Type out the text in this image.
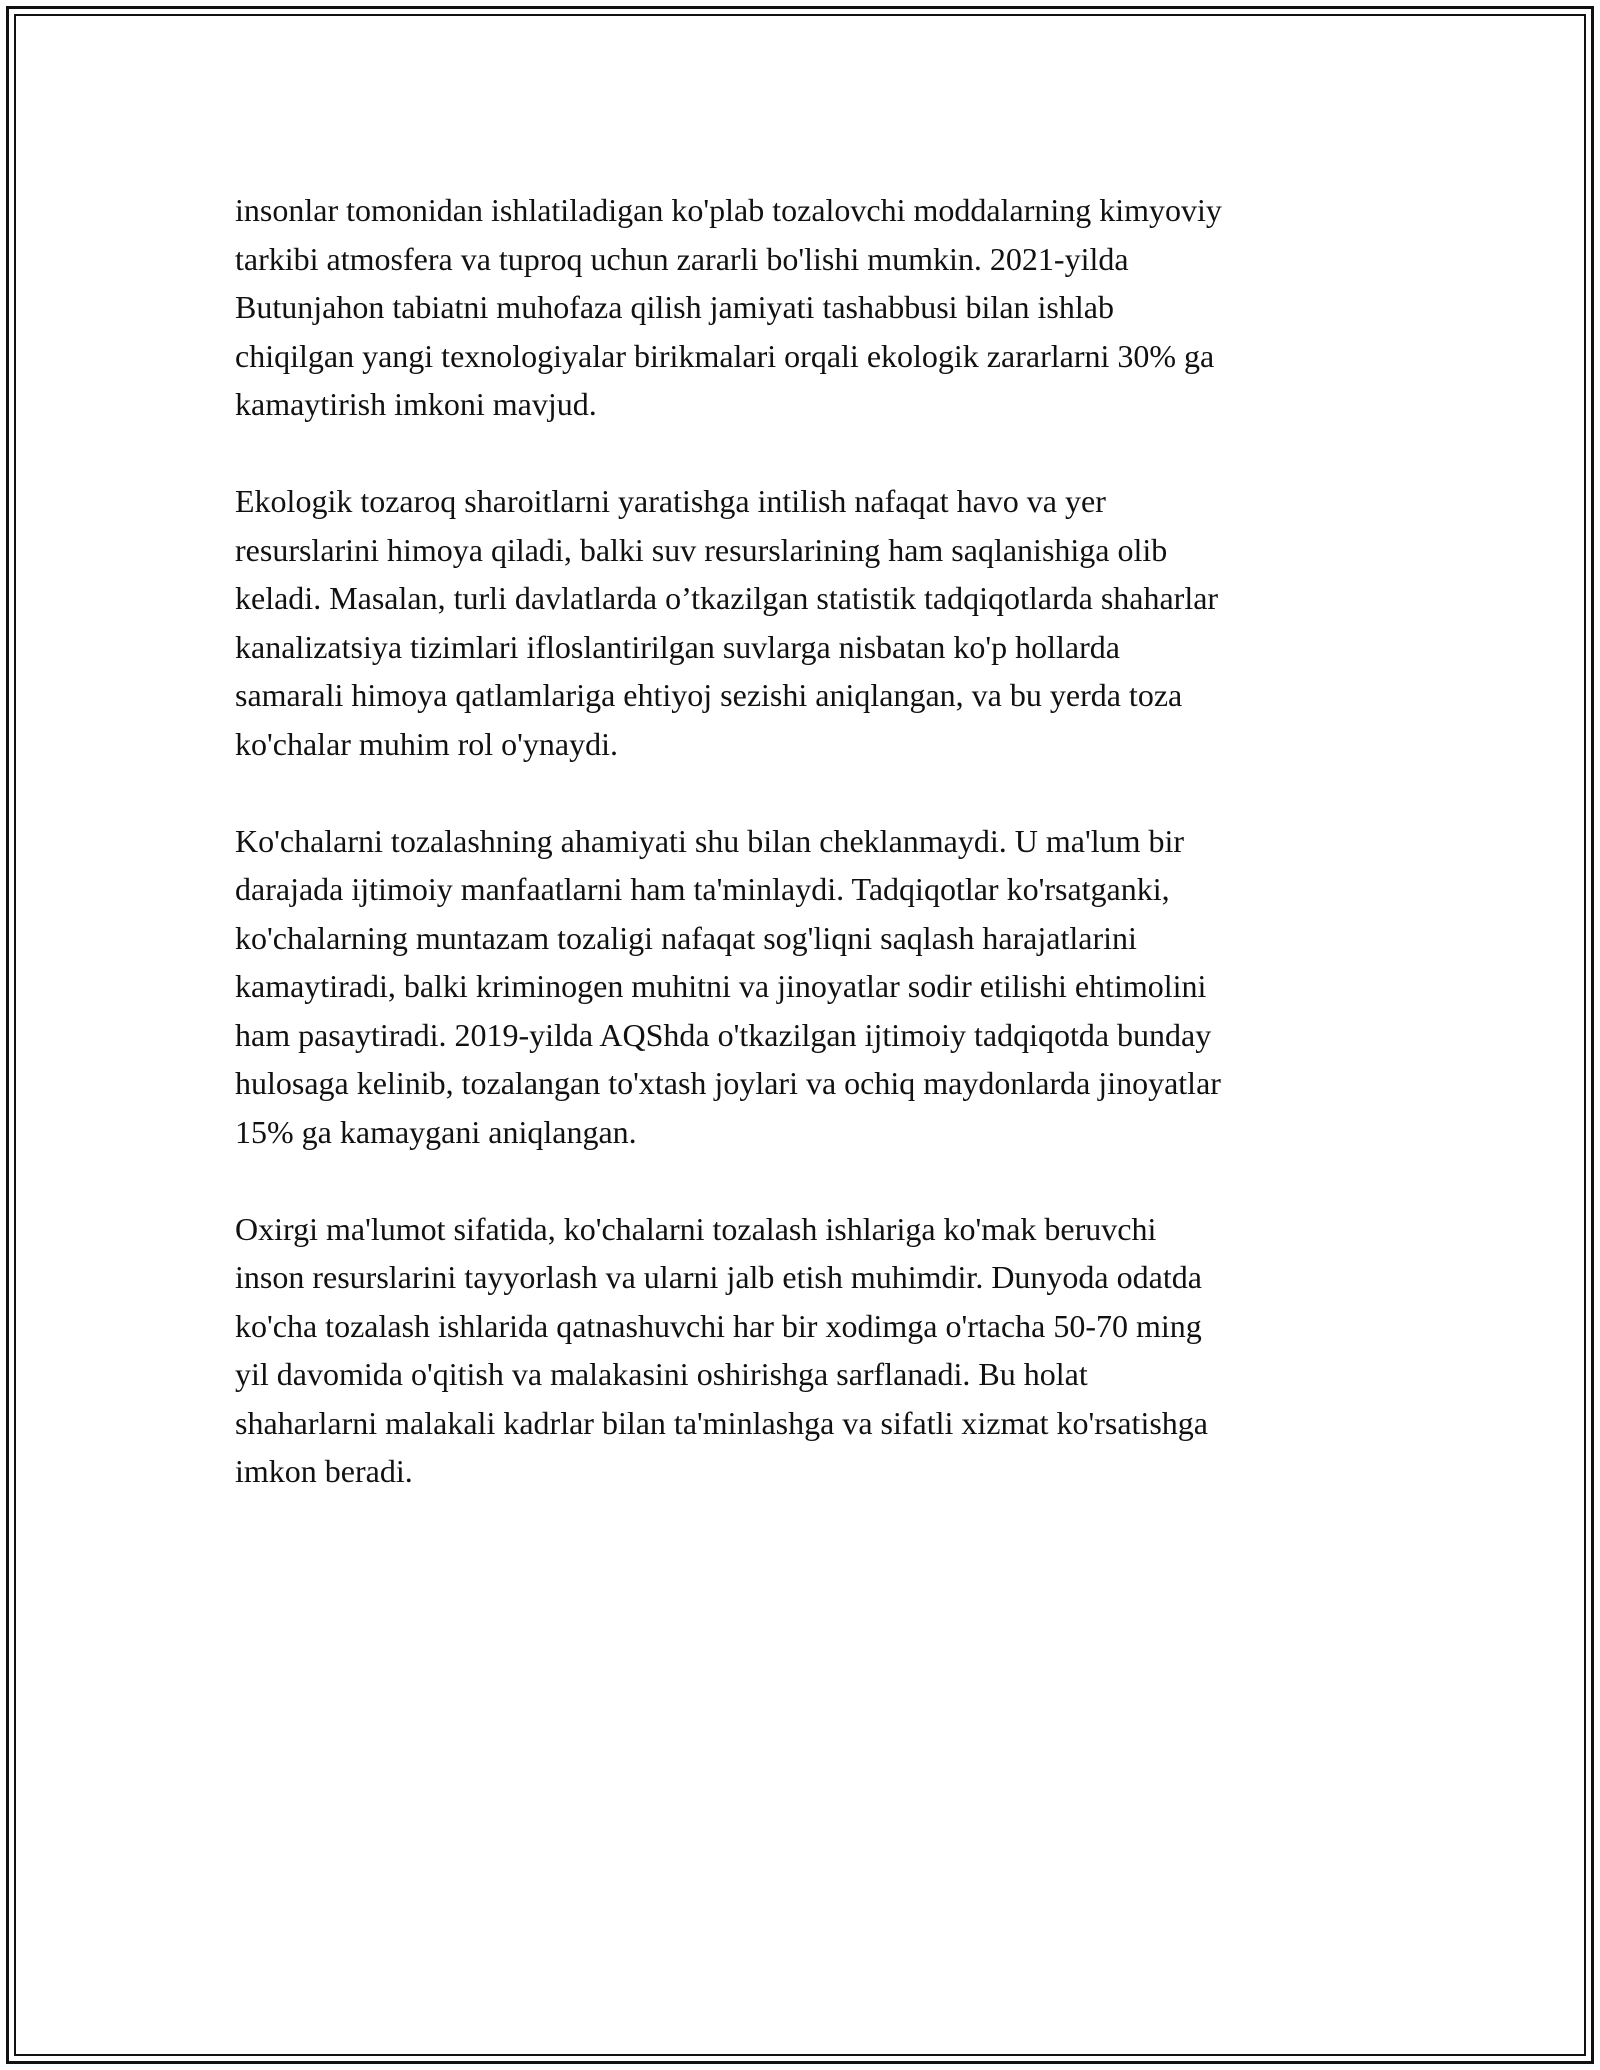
insonlar tomonidan ishlatiladigan ko'plab tozalovchi moddalarning kimyoviy
tarkibi atmosfera va tuproq uchun zararli bo'lishi mumkin. 2021-yilda
Butunjahon tabiatni muhofaza qilish jamiyati tashabbusi bilan ishlab
chiqilgan yangi texnologiyalar birikmalari orqali ekologik zararlarni 30% ga
kamaytirish imkoni mavjud.

Ekologik tozaroq sharoitlarni yaratishga intilish nafaqat havo va yer
resurslarini himoya qiladi, balki suv resurslarining ham saqlanishiga olib
keladi. Masalan, turli davlatlarda o’tkazilgan statistik tadqiqotlarda shaharlar
kanalizatsiya tizimlari ifloslantirilgan suvlarga nisbatan ko'p hollarda
samarali himoya qatlamlariga ehtiyoj sezishi aniqlangan, va bu yerda toza
ko'chalar muhim rol o'ynaydi.

Ko'chalarni tozalashning ahamiyati shu bilan cheklanmaydi. U ma'lum bir
darajada ijtimoiy manfaatlarni ham ta'minlaydi. Tadqiqotlar ko'rsatganki,
ko'chalarning muntazam tozaligi nafaqat sog'liqni saqlash harajatlarini
kamaytiradi, balki kriminogen muhitni va jinoyatlar sodir etilishi ehtimolini
ham pasaytiradi. 2019-yilda AQShda o'tkazilgan ijtimoiy tadqiqotda bunday
hulosaga kelinib, tozalangan to'xtash joylari va ochiq maydonlarda jinoyatlar
15% ga kamaygani aniqlangan.

Oxirgi ma'lumot sifatida, ko'chalarni tozalash ishlariga ko'mak beruvchi
inson resurslarini tayyorlash va ularni jalb etish muhimdir. Dunyoda odatda
ko'cha tozalash ishlarida qatnashuvchi har bir xodimga o'rtacha 50-70 ming
yil davomida o'qitish va malakasini oshirishga sarflanadi. Bu holat
shaharlarni malakali kadrlar bilan ta'minlashga va sifatli xizmat ko'rsatishga
imkon beradi.
